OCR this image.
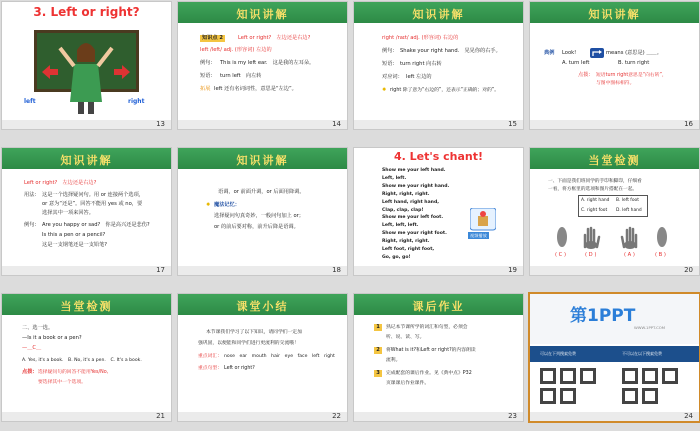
3. Left or right?
left	right
13
知识讲解
知识点 2	Left or right?　左边还是右边?
left /left/ adj. (形容词) 左边的
例句： This is my left ear.　这是我的左耳朵。
短语： turn left　向左转
拓展 left 还有名词词性，意思是“左边”。
14
知识讲解
right /raɪt/ adj. (形容词) 右边的
例句： Shake your right hand.　晃晃你的右手。
短语： turn right 向右转
对应词： left 左边的
✹ right 除了意为“右边的”，还表示“正确的；对的”。
15
知识讲解
典例 Look!	means (意思是) ＿＿。
A. turn left	B. turn right
点拨： 短语turn right意思是“向右转”，
与图中图标相符。
16
知识讲解
Left or right?　左边还是右边?
用法： 这是一个选择疑问句。用 or 连接两个选项，
or 意为“还是”。回答不能用 yes 或 no，要
选择其中一项来回答。
例句： Are you happy or sad?　你是高兴还是悲伤?
Is this a pen or a pencil?
这是一支钢笔还是一支铅笔?
17
知识讲解
语调，or 前面升调，or 后面用降调。
✹ 魔法记忆：
选择疑问句真奇妙，一般问句加上 or；
or 的前后要对称，前升后降是语调。
18
4. Let's chant!
Show me your left hand.
Left, left.
Show me your right hand.
Right, right, right.
Left hand, right hand,
Clap, clap, clap!
Show me your left foot.
Left, left, left.
Show me your right foot.
Right, right, right.
Left foot, right foot,
Go, go, go!
视频播放
19
当堂检测
一、下面是我们班同学的手印和脚印，仔细看
一看，将方框里的选项和图片搭配在一起。
A. right hand B. left foot
C. right foot D. left hand
( C )	( D )	( A )	( B )
20
当堂检测
二、选一选。
—Is it a book or a pen?
—＿C＿
A. Yes, it's a book.　B. No, it's a pen.　C. It's a book.
点拨： 选择疑问句的回答不能用Yes/No,
要选择其中一个选项。
21
课堂小结
本节课我们学习了以下知识，请同学们一定加
强巩固，以便能和同学们进行更流利的交流哦！
重点词汇： nose　ear　mouth　hair　eye　face　left　right
重点句型： Left or right?
22
课后作业
1	熟记本节课所学的词汇和句型，必须会
听、说、读、写。
2	将What is it?和Left or right?的内容朗读
流利。
3	完成配套的课后作业。见《典中点》P32
页课课后作业课件。
23
第1PPT
WWW.1PPT.COM
可以在下列搜索免费	不可以在以下搜索免费
24
